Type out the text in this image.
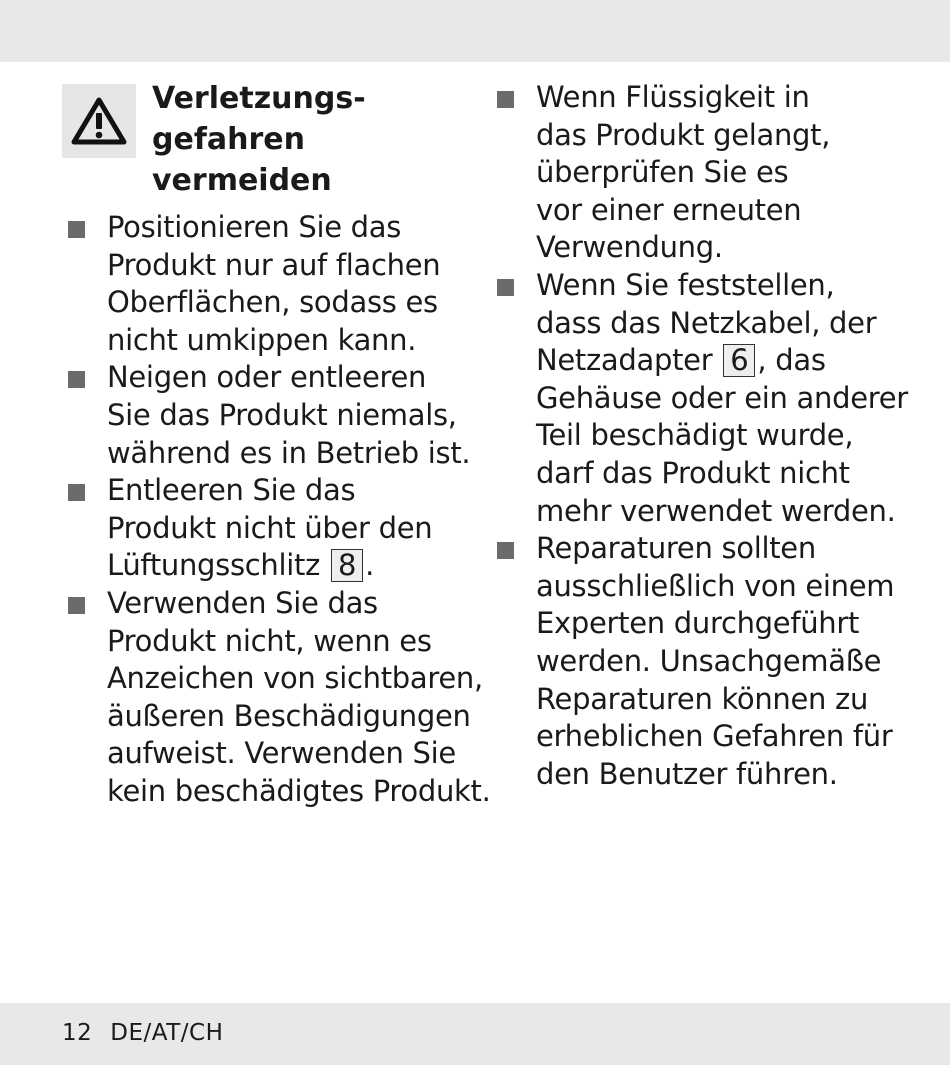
Verletzungs-
gefahren
vermeiden
Positionieren Sie das
Produkt nur auf flachen
Oberflächen, sodass es
nicht umkippen kann.
Neigen oder entleeren
Sie das Produkt niemals,
während es in Betrieb ist.
Entleeren Sie das
Produkt nicht über den
Lüftungsschlitz 8 .
Verwenden Sie das
Produkt nicht, wenn es
Anzeichen von sichtbaren,
äußeren Beschädigungen
aufweist. Verwenden Sie
kein beschädigtes Produkt.
Wenn Flüssigkeit in
das Produkt gelangt,
überprüfen Sie es
vor einer erneuten
Verwendung.
Wenn Sie feststellen,
dass das Netzkabel, der
Netzadapter 6 , das
Gehäuse oder ein anderer
Teil beschädigt wurde,
darf das Produkt nicht
mehr verwendet werden.
Reparaturen sollten
ausschließlich von einem
Experten durchgeführt
werden. Unsachgemäße
Reparaturen können zu
erheblichen Gefahren für
den Benutzer führen.
12 DE/AT/CH
